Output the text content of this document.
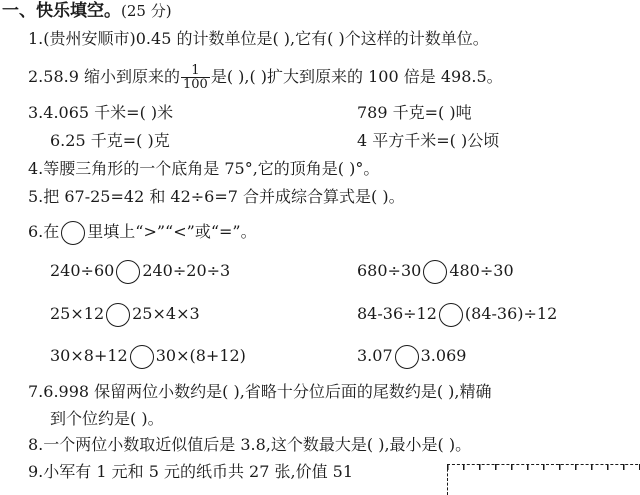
一、快乐填空。(25 分)
1.(贵州安顺市)0.45 的计数单位是( ),它有( )个这样的计数单位。
2.58.9 缩小到原来的 $\frac{1}{100}$ 是( ),( )扩大到原来的 100 倍是 498.5。
3.4.065 千米=( )米	789 千克=( )吨
6.25 千克=( )克	4 平方千米=( )公顷
4.等腰三角形的一个底角是 75°,它的顶角是( )°。
5.把 67-25=42 和 42÷6=7 合并成综合算式是( )。
6.在 里填上“>”“<”或“=”。
240÷60 240÷20÷3	680÷30 480÷30
25×12 25×4×3	84-36÷12 (84-36)÷12
30×8+12 30×(8+12)	3.07 3.069
7.6.998 保留两位小数约是( ),省略十分位后面的尾数约是( ),精确
到个位约是( )。
8.一个两位小数取近似值后是 3.8,这个数最大是( ),最小是( )。
9.小军有 1 元和 5 元的纸币共 27 张,价值 51
